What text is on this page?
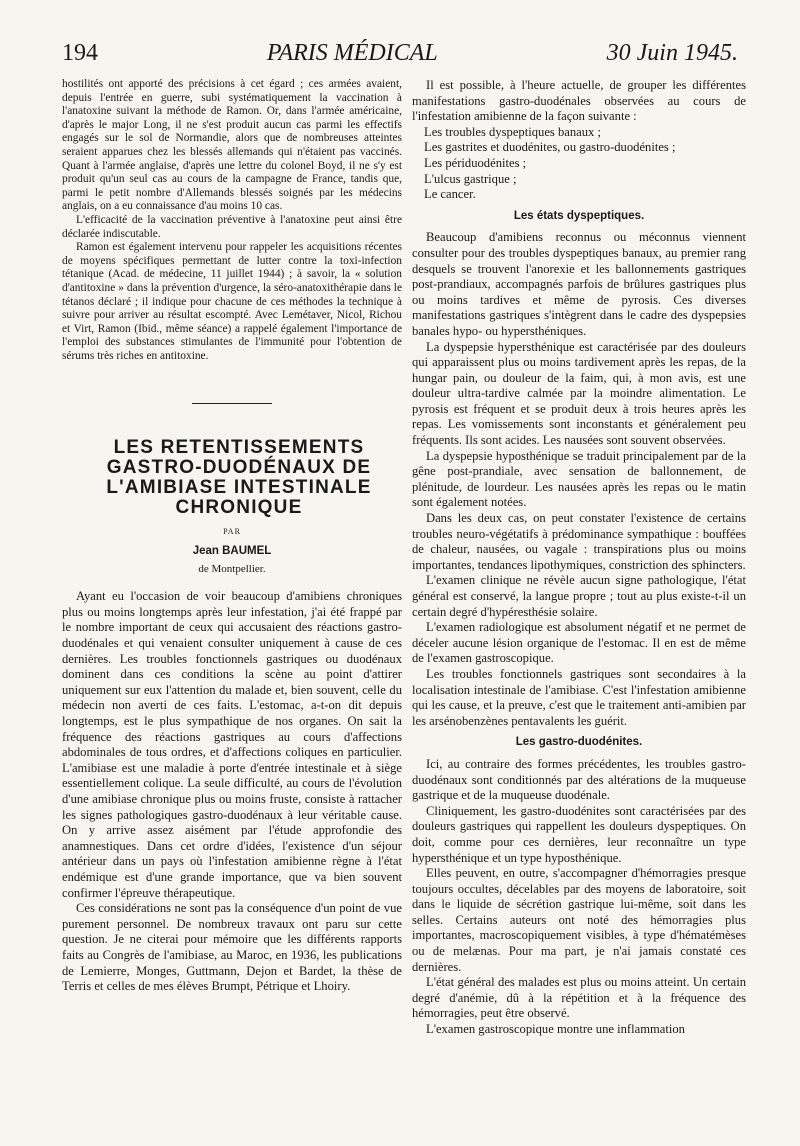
194	PARIS MÉDICAL	30 Juin 1945.

hostilités ont apporté des précisions à cet égard ; ces armées avaient, depuis l'entrée en guerre, subi systématiquement la vaccination à l'anatoxine suivant la méthode de Ramon. Or, dans l'armée américaine, d'après le major Long, il ne s'est produit aucun cas parmi les effectifs engagés sur le sol de Normandie, alors que de nombreuses atteintes seraient apparues chez les blessés allemands qui n'étaient pas vaccinés. Quant à l'armée anglaise, d'après une lettre du colonel Boyd, il ne s'y est produit qu'un seul cas au cours de la campagne de France, tandis que, parmi le petit nombre d'Allemands blessés soignés par les médecins anglais, on a eu connaissance d'au moins 10 cas.

L'efficacité de la vaccination préventive à l'anatoxine peut ainsi être déclarée indiscutable.

Ramon est également intervenu pour rappeler les acquisitions récentes de moyens spécifiques permettant de lutter contre la toxi-infection tétanique (Acad. de médecine, 11 juillet 1944) ; à savoir, la « solution d'antitoxine » dans la prévention d'urgence, la séro-anatoxithérapie dans le tétanos déclaré ; il indique pour chacune de ces méthodes la technique à suivre pour arriver au résultat escompté. Avec Lemétaver, Nicol, Richou et Virt, Ramon (Ibid., même séance) a rappelé également l'importance de l'emploi des substances stimulantes de l'immunité pour l'obtention de sérums très riches en antitoxine.

LES RETENTISSEMENTS

GASTRO-DUODÉNAUX DE

L'AMIBIASE INTESTINALE

CHRONIQUE

PAR
Jean BAUMEL
de Montpellier.

Ayant eu l'occasion de voir beaucoup d'amibiens chroniques plus ou moins longtemps après leur infestation, j'ai été frappé par le nombre important de ceux qui accusaient des réactions gastro-duodénales et qui venaient consulter uniquement à cause de ces dernières. Les troubles fonctionnels gastriques ou duodénaux dominent dans ces conditions la scène au point d'attirer uniquement sur eux l'attention du malade et, bien souvent, celle du médecin non averti de ces faits. L'estomac, a-t-on dit depuis longtemps, est le plus sympathique de nos organes. On sait la fréquence des réactions gastriques au cours d'affections abdominales de tous ordres, et d'affections coliques en particulier. L'amibiase est une maladie à porte d'entrée intestinale et à siège essentiellement colique. La seule difficulté, au cours de l'évolution d'une amibiase chronique plus ou moins fruste, consiste à rattacher les signes pathologiques gastro-duodénaux à leur véritable cause. On y arrive assez aisément par l'étude approfondie des anamnestiques. Dans cet ordre d'idées, l'existence d'un séjour antérieur dans un pays où l'infestation amibienne règne à l'état endémique est d'une grande importance, que va bien souvent confirmer l'épreuve thérapeutique.

Ces considérations ne sont pas la conséquence d'un point de vue purement personnel. De nombreux travaux ont paru sur cette question. Je ne citerai pour mémoire que les différents rapports faits au Congrès de l'amibiase, au Maroc, en 1936, les publications de Lemierre, Monges, Guttmann, Dejon et Bardet, la thèse de Terris et celles de mes élèves Brumpt, Pétrique et Lhoiry.

Il est possible, à l'heure actuelle, de grouper les différentes manifestations gastro-duodénales observées au cours de l'infestation amibienne de la façon suivante :

Les troubles dyspeptiques banaux ;
Les gastrites et duodénites, ou gastro-duodénites ;
Les périduodénites ;
L'ulcus gastrique ;
Le cancer.
Les états dyspeptiques.

Beaucoup d'amibiens reconnus ou méconnus viennent consulter pour des troubles dyspeptiques banaux, au premier rang desquels se trouvent l'anorexie et les ballonnements gastriques post-prandiaux, accompagnés parfois de brûlures gastriques plus ou moins tardives et même de pyrosis. Ces diverses manifestations gastriques s'intègrent dans le cadre des dyspepsies banales hypo- ou hypersthéniques.

La dyspepsie hypersthénique est caractérisée par des douleurs qui apparaissent plus ou moins tardivement après les repas, de la hungar pain, ou douleur de la faim, qui, à mon avis, est une douleur ultra-tardive calmée par la moindre alimentation. Le pyrosis est fréquent et se produit deux à trois heures après les repas. Les vomissements sont inconstants et généralement peu fréquents. Ils sont acides. Les nausées sont souvent observées.

La dyspepsie hyposthénique se traduit principalement par de la gêne post-prandiale, avec sensation de ballonnement, de plénitude, de lourdeur. Les nausées après les repas ou le matin sont également notées.

Dans les deux cas, on peut constater l'existence de certains troubles neuro-végétatifs à prédominance sympathique : bouffées de chaleur, nausées, ou vagale : transpirations plus ou moins importantes, tendances lipothymiques, constriction des sphincters.

L'examen clinique ne révèle aucun signe pathologique, l'état général est conservé, la langue propre ; tout au plus existe-t-il un certain degré d'hypéresthésie solaire.

L'examen radiologique est absolument négatif et ne permet de déceler aucune lésion organique de l'estomac. Il en est de même de l'examen gastroscopique.

Les troubles fonctionnels gastriques sont secondaires à la localisation intestinale de l'amibiase. C'est l'infestation amibienne qui les cause, et la preuve, c'est que le traitement anti-amibien par les arsénobenzènes pentavalents les guérit.

Les gastro-duodénites.

Ici, au contraire des formes précédentes, les troubles gastro-duodénaux sont conditionnés par des altérations de la muqueuse gastrique et de la muqueuse duodénale.

Cliniquement, les gastro-duodénites sont caractérisées par des douleurs gastriques qui rappellent les douleurs dyspeptiques. On doit, comme pour ces dernières, leur reconnaître un type hypersthénique et un type hyposthénique.

Elles peuvent, en outre, s'accompagner d'hémorragies presque toujours occultes, décelables par des moyens de laboratoire, soit dans le liquide de sécrétion gastrique lui-même, soit dans les selles. Certains auteurs ont noté des hémorragies plus importantes, macroscopiquement visibles, à type d'hématémèses ou de melænas. Pour ma part, je n'ai jamais constaté ces dernières.

L'état général des malades est plus ou moins atteint. Un certain degré d'anémie, dû à la répétition et à la fréquence des hémorragies, peut être observé.

L'examen gastroscopique montre une inflammation
